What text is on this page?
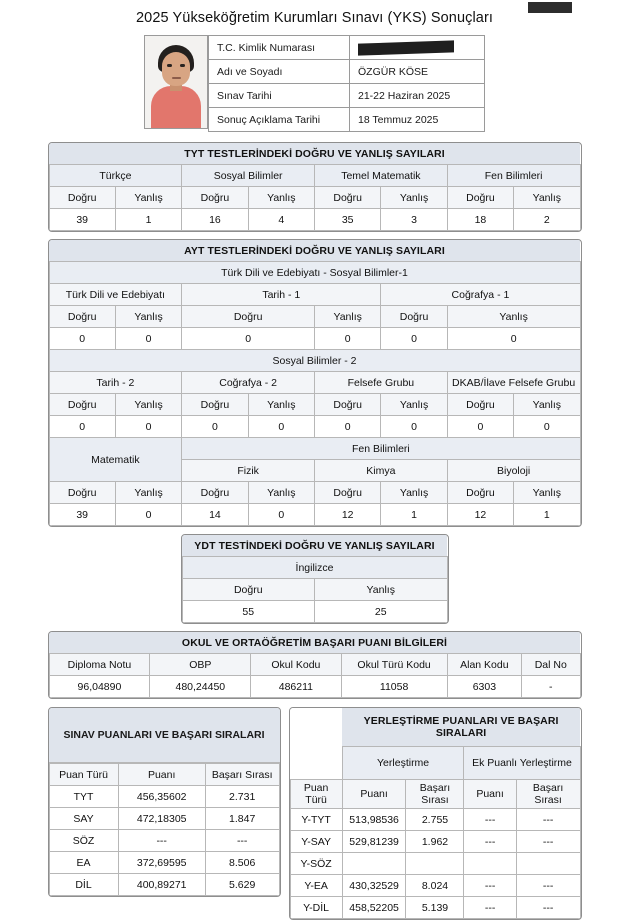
2025 Yükseköğretim Kurumları Sınavı (YKS) Sonuçları
T.C. Kimlik Numarası	
Adı ve Soyadı	ÖZGÜR KÖSE
Sınav Tarihi	21-22 Haziran 2025
Sonuç Açıklama Tarihi	18 Temmuz 2025
TYT TESTLERİNDEKİ DOĞRU VE YANLIŞ SAYILARI							
Türkçe		Sosyal Bilimler		Temel Matematik		Fen Bilimleri	
Doğru	Yanlış	Doğru	Yanlış	Doğru	Yanlış	Doğru	Yanlış
39	1	16	4	35	3	18	2
AYT TESTLERİNDEKİ DOĞRU VE YANLIŞ SAYILARI							
Türk Dili ve Edebiyatı - Sosyal Bilimler-1							
Türk Dili ve Edebiyatı		Tarih - 1			Coğrafya - 1		
Doğru	Yanlış	Doğru		Yanlış	Doğru	Yanlış	
0	0	0		0	0	0	
Sosyal Bilimler - 2							
Tarih - 2		Coğrafya - 2		Felsefe Grubu		DKAB/İlave Felsefe Grubu	
Doğru	Yanlış	Doğru	Yanlış	Doğru	Yanlış	Doğru	Yanlış
0	0	0	0	0	0	0	0
Matematik		Fen Bilimleri					
		Fizik		Kimya		Biyoloji	
Doğru	Yanlış	Doğru	Yanlış	Doğru	Yanlış	Doğru	Yanlış
39	0	14	0	12	1	12	1
YDT TESTİNDEKİ DOĞRU VE YANLIŞ SAYILARI	
İngilizce	
Doğru	Yanlış
55	25
OKUL VE ORTAÖĞRETİM BAŞARI PUANI BİLGİLERİ					
Diploma Notu	OBP	Okul Kodu	Okul Türü Kodu	Alan Kodu	Dal No
96,04890	480,24450	486211	11058	6303	-
SINAV PUANLARI VE BAŞARI SIRALARI
Puan Türü	Puanı	Başarı Sırası
TYT	456,35602	2.731
SAY	472,18305	1.847
SÖZ	---	---
EA	372,69595	8.506
DİL	400,89271	5.629
	YERLEŞTİRME PUANLARI VE BAŞARI SIRALARI			
	Yerleştirme		Ek Puanlı Yerleştirme	
Puan Türü	Puanı	Başarı Sırası	Puanı	Başarı Sırası
Y-TYT	513,98536	2.755	---	---
Y-SAY	529,81239	1.962	---	---
Y-SÖZ				
Y-EA	430,32529	8.024	---	---
Y-DİL	458,52205	5.139	---	---
